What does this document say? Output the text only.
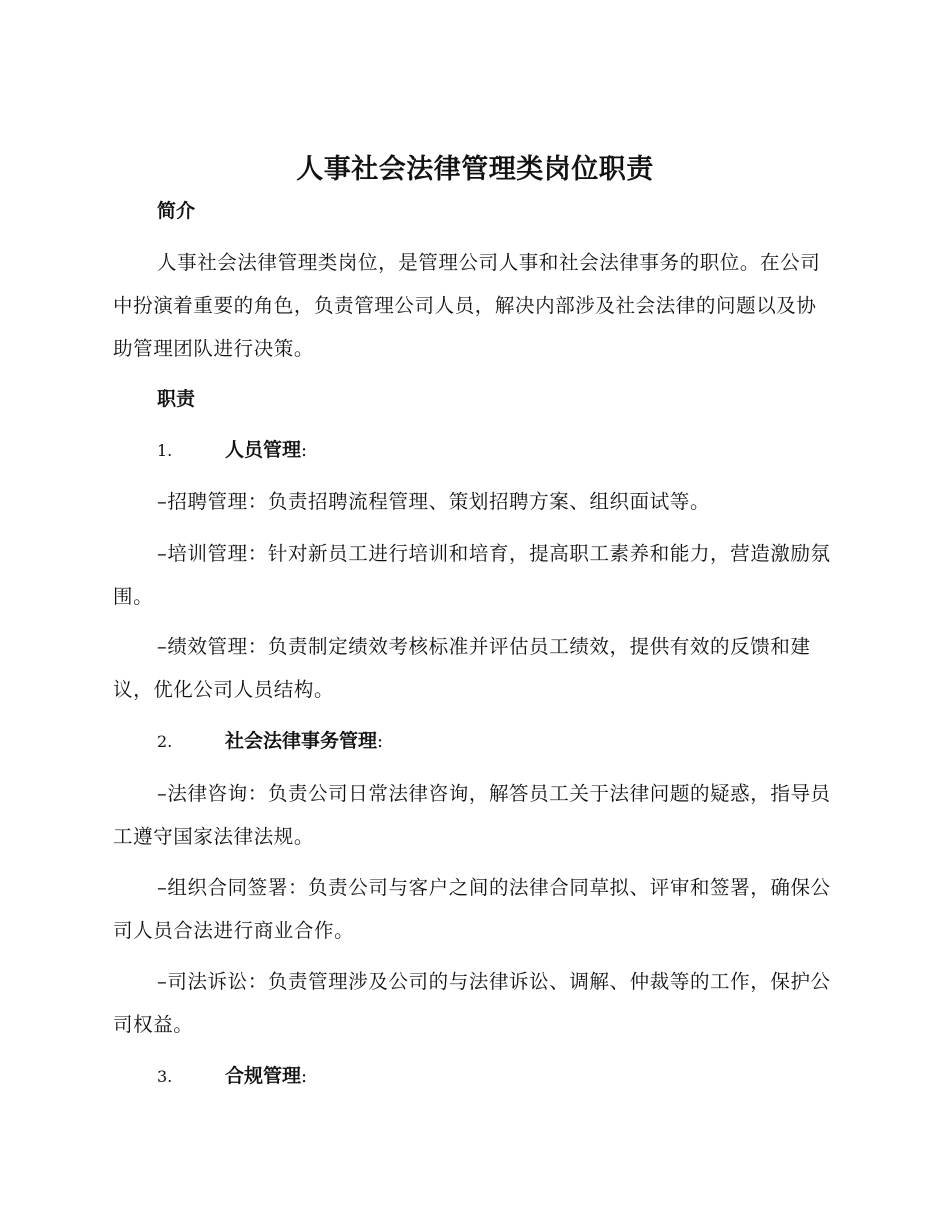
人事社会法律管理类岗位职责
简介

人事社会法律管理类岗位，是管理公司人事和社会法律事务的职位。在公司中扮演着重要的角色，负责管理公司人员，解决内部涉及社会法律的问题以及协助管理团队进行决策。

职责
1.	人员管理:

–招聘管理：负责招聘流程管理、策划招聘方案、组织面试等。

–培训管理：针对新员工进行培训和培育，提高职工素养和能力，营造激励氛围。

–绩效管理：负责制定绩效考核标准并评估员工绩效，提供有效的反馈和建议，优化公司人员结构。

2.	社会法律事务管理:

–法律咨询：负责公司日常法律咨询，解答员工关于法律问题的疑惑，指导员工遵守国家法律法规。

–组织合同签署：负责公司与客户之间的法律合同草拟、评审和签署，确保公司人员合法进行商业合作。

–司法诉讼：负责管理涉及公司的与法律诉讼、调解、仲裁等的工作，保护公司权益。

3.	合规管理:
